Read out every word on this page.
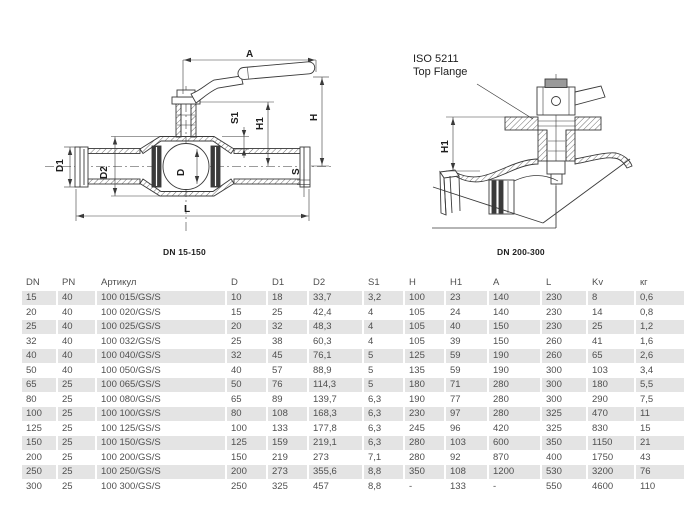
A
H
H1
S1
D1
D2	D	S
L
DN 15-150
ISO 5211
Top Flange
H1
DN 200-300
DN	PN	Артикул	D	D1	D2	S1	H	H1	A	L	Kv	кг
15	40	100 015/GS/S	10	18	33,7	3,2	100	23	140	230	8	0,6
20	40	100 020/GS/S	15	25	42,4	4	105	24	140	230	14	0,8
25	40	100 025/GS/S	20	32	48,3	4	105	40	150	230	25	1,2
32	40	100 032/GS/S	25	38	60,3	4	105	39	150	260	41	1,6
40	40	100 040/GS/S	32	45	76,1	5	125	59	190	260	65	2,6
50	40	100 050/GS/S	40	57	88,9	5	135	59	190	300	103	3,4
65	25	100 065/GS/S	50	76	114,3	5	180	71	280	300	180	5,5
80	25	100 080/GS/S	65	89	139,7	6,3	190	77	280	300	290	7,5
100	25	100 100/GS/S	80	108	168,3	6,3	230	97	280	325	470	11
125	25	100 125/GS/S	100	133	177,8	6,3	245	96	420	325	830	15
150	25	100 150/GS/S	125	159	219,1	6,3	280	103	600	350	1150	21
200	25	100 200/GS/S	150	219	273	7,1	280	92	870	400	1750	43
250	25	100 250/GS/S	200	273	355,6	8,8	350	108	1200	530	3200	76
300	25	100 300/GS/S	250	325	457	8,8	-	133	-	550	4600	110
